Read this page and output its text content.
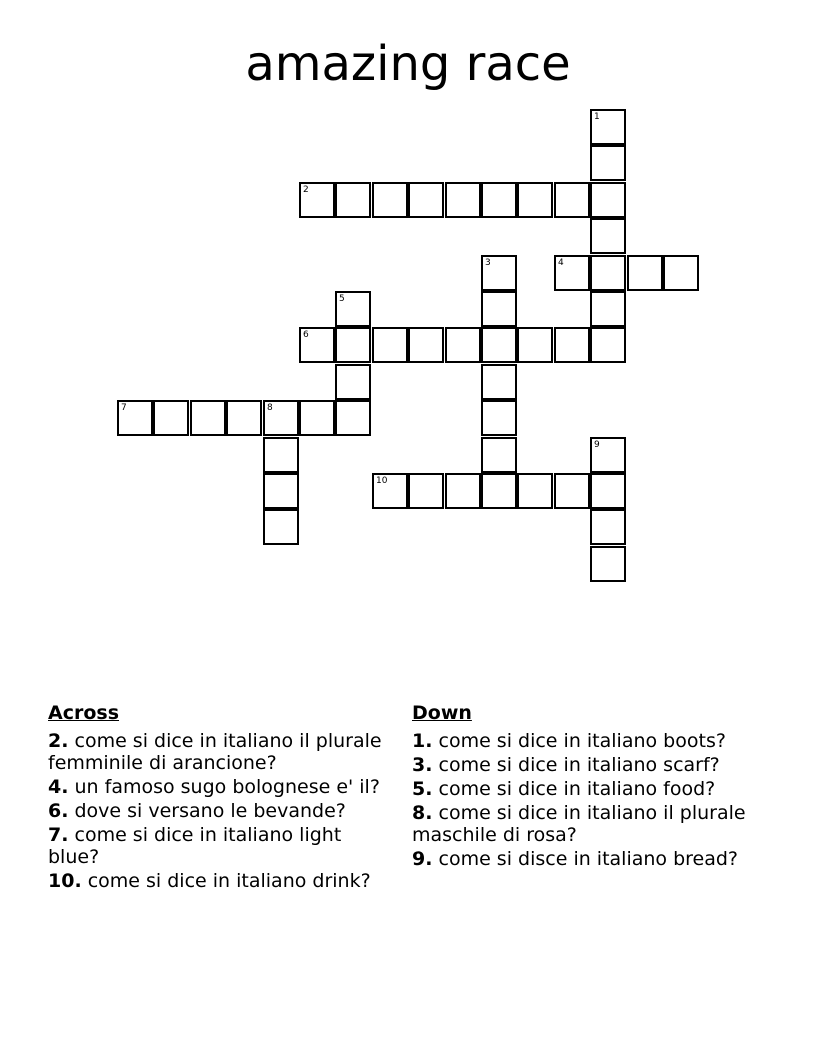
amazing race
1
2
3	4
5
6
7	8
9
10
Across
2. come si dice in italiano il plurale femminile di arancione?
4. un famoso sugo bolognese e' il?
6. dove si versano le bevande?
7. come si dice in italiano light blue?
10. come si dice in italiano drink?
Down
1. come si dice in italiano boots?
3. come si dice in italiano scarf?
5. come si dice in italiano food?
8. come si dice in italiano il plurale maschile di rosa?
9. come si disce in italiano bread?
